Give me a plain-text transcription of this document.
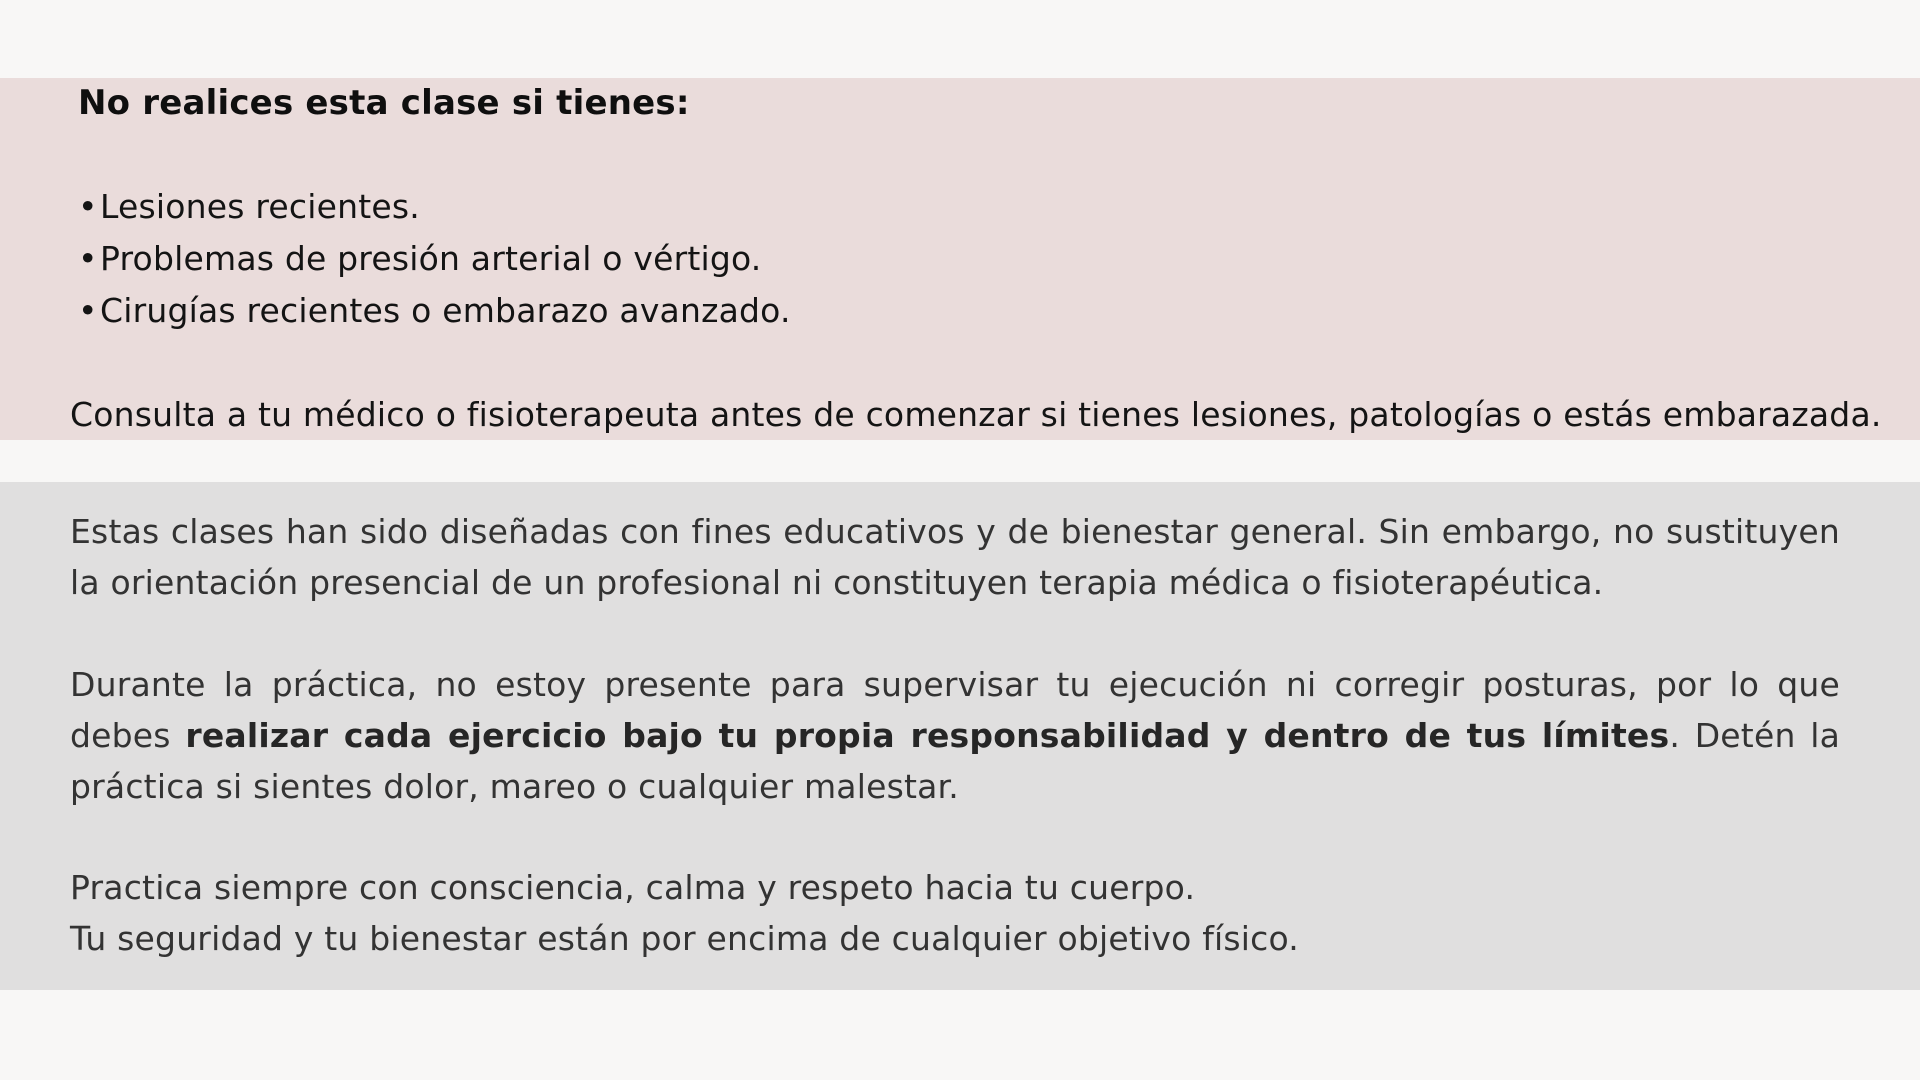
No realices esta clase si tienes:
•Lesiones recientes.
•Problemas de presión arterial o vértigo.
•Cirugías recientes o embarazo avanzado.

Consulta a tu médico o fisioterapeuta antes de comenzar si tienes lesiones, patologías o estás embarazada.

Estas clases han sido diseñadas con fines educativos y de bienestar general. Sin embargo, no sustituyen la orientación presencial de un profesional ni constituyen terapia médica o fisioterapéutica.

Durante la práctica, no estoy presente para supervisar tu ejecución ni corregir posturas, por lo que debes realizar cada ejercicio bajo tu propia responsabilidad y dentro de tus límites. Detén la práctica si sientes dolor, mareo o cualquier malestar.

Practica siempre con consciencia, calma y respeto hacia tu cuerpo.
Tu seguridad y tu bienestar están por encima de cualquier objetivo físico.
